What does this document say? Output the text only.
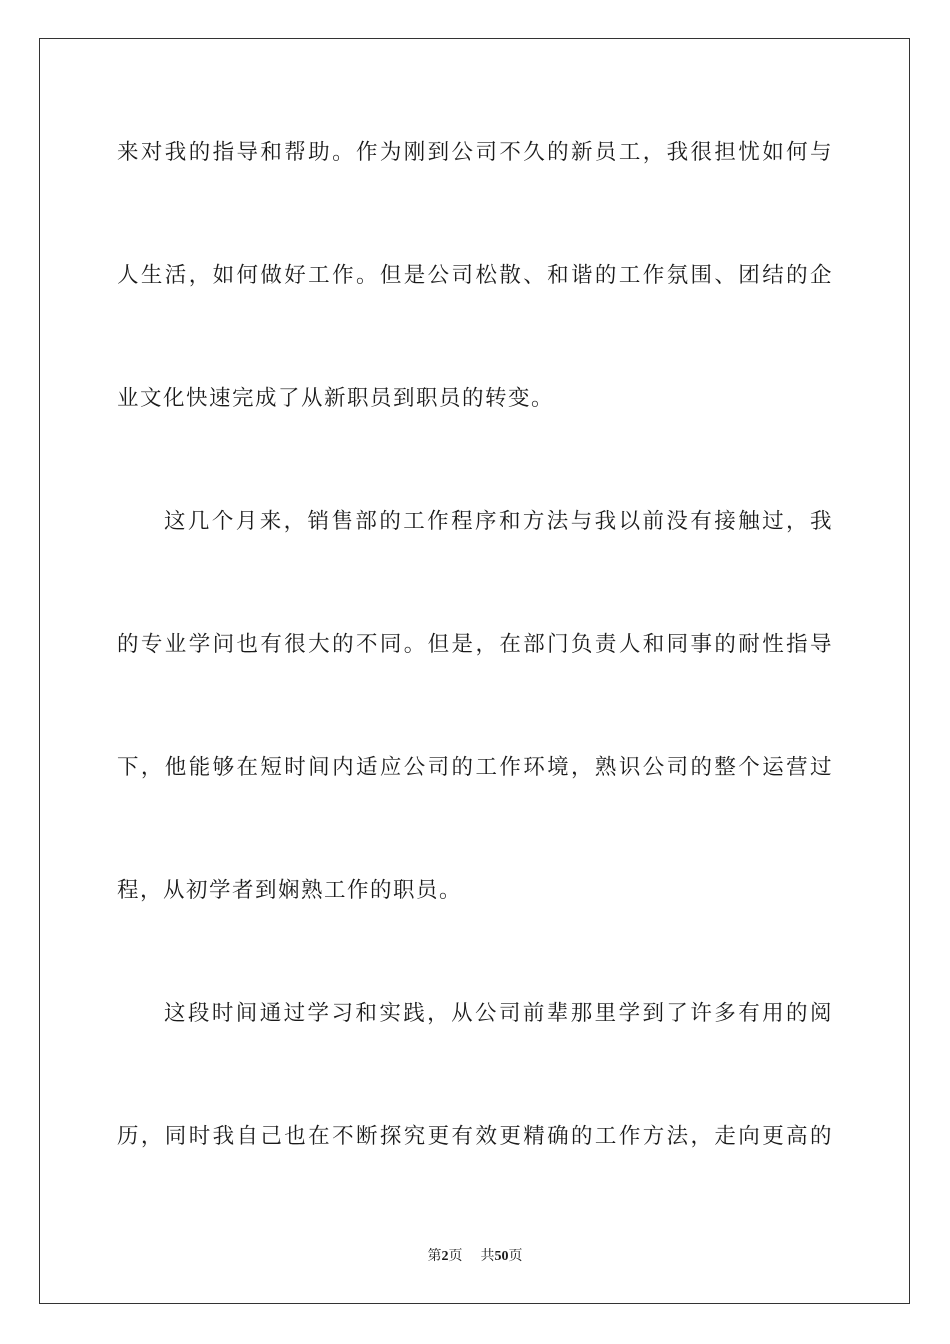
来对我的指导和帮助。作为刚到公司不久的新员工，我很担忧如何与

人生活，如何做好工作。但是公司松散、和谐的工作氛围、团结的企

业文化快速完成了从新职员到职员的转变。

这几个月来，销售部的工作程序和方法与我以前没有接触过，我

的专业学问也有很大的不同。但是，在部门负责人和同事的耐性指导

下，他能够在短时间内适应公司的工作环境，熟识公司的整个运营过

程，从初学者到娴熟工作的职员。

这段时间通过学习和实践，从公司前辈那里学到了许多有用的阅

历，同时我自己也在不断探究更有效更精确的工作方法，走向更高的

第2页 共50页
